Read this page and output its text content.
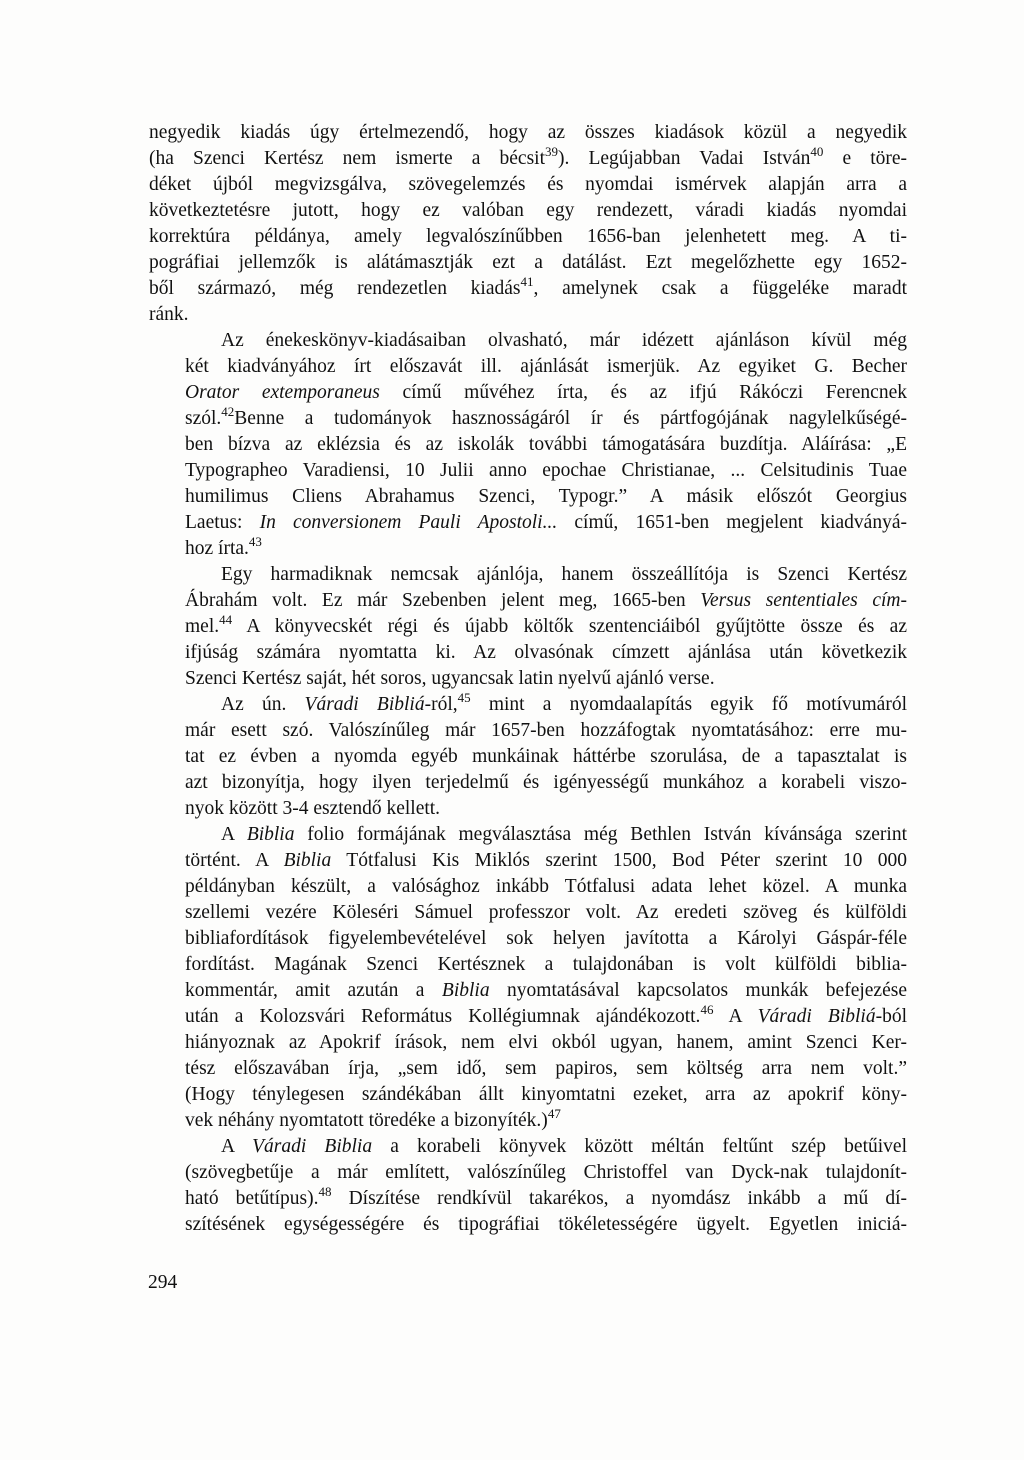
negyedik kiadás úgy értelmezendő, hogy az összes kiadások közül a negyedik
(ha Szenci Kertész nem ismerte a bécsit$^{39}$). Legújabban Vadai István$^{40}$ e töre-
déket újból megvizsgálva, szövegelemzés és nyomdai ismérvek alapján arra a
következtetésre jutott, hogy ez valóban egy rendezett, váradi kiadás nyomdai
korrektúra példánya, amely legvalószínűbben 1656-ban jelenhetett meg. A ti-
pográfiai jellemzők is alátámasztják ezt a datálást. Ezt megelőzhette egy 1652-
ből származó, még rendezetlen kiadás$^{41}$, amelynek csak a függeléke maradt
ránk.
Az énekeskönyv-kiadásaiban olvasható, már idézett ajánláson kívül még
két kiadványához írt előszavát ill. ajánlását ismerjük. Az egyiket G. Becher
Orator extemporaneus című művéhez írta, és az ifjú Rákóczi Ferencnek
szól.$^{42}$Benne a tudományok hasznosságáról ír és pártfogójának nagylelkűségé-
ben bízva az eklézsia és az iskolák további támogatására buzdítja. Aláírása: „E
Typographeo Varadiensi, 10 Julii anno epochae Christianae, ... Celsitudinis Tuae
humilimus Cliens Abrahamus Szenci, Typogr.” A másik előszót Georgius
Laetus: In conversionem Pauli Apostoli... című, 1651-ben megjelent kiadványá-
hoz írta.$^{43}$
Egy harmadiknak nemcsak ajánlója, hanem összeállítója is Szenci Kertész
Ábrahám volt. Ez már Szebenben jelent meg, 1665-ben Versus sententiales cím-
mel.$^{44}$ A könyvecskét régi és újabb költők szentenciáiból gyűjtötte össze és az
ifjúság számára nyomtatta ki. Az olvasónak címzett ajánlása után következik
Szenci Kertész saját, hét soros, ugyancsak latin nyelvű ajánló verse.
Az ún. Váradi Bibliá-ról,$^{45}$ mint a nyomdaalapítás egyik fő motívumáról
már esett szó. Valószínűleg már 1657-ben hozzáfogtak nyomtatásához: erre mu-
tat ez évben a nyomda egyéb munkáinak háttérbe szorulása, de a tapasztalat is
azt bizonyítja, hogy ilyen terjedelmű és igényességű munkához a korabeli viszo-
nyok között 3-4 esztendő kellett.
A Biblia folio formájának megválasztása még Bethlen István kívánsága szerint
történt. A Biblia Tótfalusi Kis Miklós szerint 1500, Bod Péter szerint 10 000
példányban készült, a valósághoz inkább Tótfalusi adata lehet közel. A munka
szellemi vezére Köleséri Sámuel professzor volt. Az eredeti szöveg és külföldi
bibliafordítások figyelembevételével sok helyen javította a Károlyi Gáspár-féle
fordítást. Magának Szenci Kertésznek a tulajdonában is volt külföldi biblia-
kommentár, amit azután a Biblia nyomtatásával kapcsolatos munkák befejezése
után a Kolozsvári Református Kollégiumnak ajándékozott.$^{46}$ A Váradi Bibliá-ból
hiányoznak az Apokrif írások, nem elvi okból ugyan, hanem, amint Szenci Ker-
tész előszavában írja, „sem idő, sem papiros, sem költség arra nem volt.”
(Hogy ténylegesen szándékában állt kinyomtatni ezeket, arra az apokrif köny-
vek néhány nyomtatott töredéke a bizonyíték.)$^{47}$
A Váradi Biblia a korabeli könyvek között méltán feltűnt szép betűivel
(szövegbetűje a már említett, valószínűleg Christoffel van Dyck-nak tulajdonít-
ható betűtípus).$^{48}$ Díszítése rendkívül takarékos, a nyomdász inkább a mű dí-
szítésének egységességére és tipográfiai tökéletességére ügyelt. Egyetlen iniciá-
294
